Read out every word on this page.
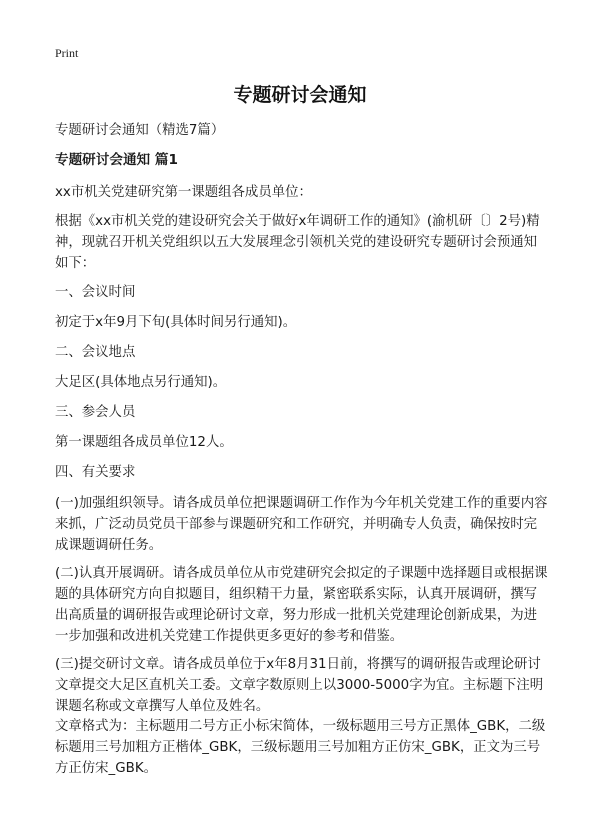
Print
专题研讨会通知
专题研讨会通知（精选7篇）
专题研讨会通知 篇1
xx市机关党建研究第一课题组各成员单位：
根据《xx市机关党的建设研究会关于做好x年调研工作的通知》(渝机研〔〕2号)精神，现就召开机关党组织以五大发展理念引领机关党的建设研究专题研讨会预通知如下：
一、会议时间
初定于x年9月下旬(具体时间另行通知)。
二、会议地点
大足区(具体地点另行通知)。
三、参会人员
第一课题组各成员单位12人。
四、有关要求
(一)加强组织领导。请各成员单位把课题调研工作作为今年机关党建工作的重要内容来抓，广泛动员党员干部参与课题研究和工作研究，并明确专人负责，确保按时完成课题调研任务。
(二)认真开展调研。请各成员单位从市党建研究会拟定的子课题中选择题目或根据课题的具体研究方向自拟题目，组织精干力量，紧密联系实际，认真开展调研，撰写出高质量的调研报告或理论研讨文章，努力形成一批机关党建理论创新成果，为进一步加强和改进机关党建工作提供更多更好的参考和借鉴。
(三)提交研讨文章。请各成员单位于x年8月31日前，将撰写的调研报告或理论研讨文章提交大足区直机关工委。文章字数原则上以3000-5000字为宜。主标题下注明课题名称或文章撰写人单位及姓名。
文章格式为：主标题用二号方正小标宋简体，一级标题用三号方正黑体_GBK，二级标题用三号加粗方正楷体_GBK，三级标题用三号加粗方正仿宋_GBK，正文为三号方正仿宋_GBK。
